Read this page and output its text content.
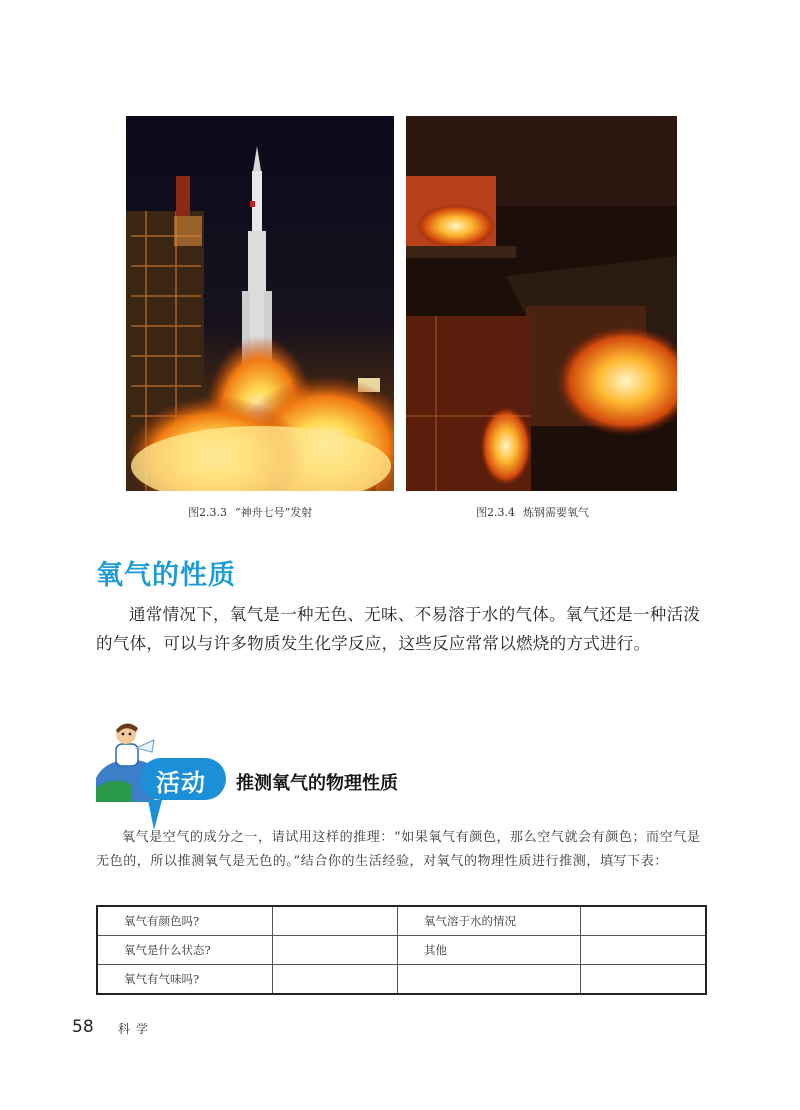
图2.3.3 “神舟七号”发射	图2.3.4 炼钢需要氧气
氧气的性质

通常情况下，氧气是一种无色、无味、不易溶于水的气体。氧气还是一种活泼的气体，可以与许多物质发生化学反应，这些反应常常以燃烧的方式进行。

活动 推测氧气的物理性质

氧气是空气的成分之一，请试用这样的推理：“如果氧气有颜色，那么空气就会有颜色；而空气是无色的，所以推测氧气是无色的。”结合你的生活经验，对氧气的物理性质进行推测，填写下表：

氧气有颜色吗?		氧气溶于水的情况	
氧气是什么状态?		其他	
氧气有气味吗?			
58 科学
